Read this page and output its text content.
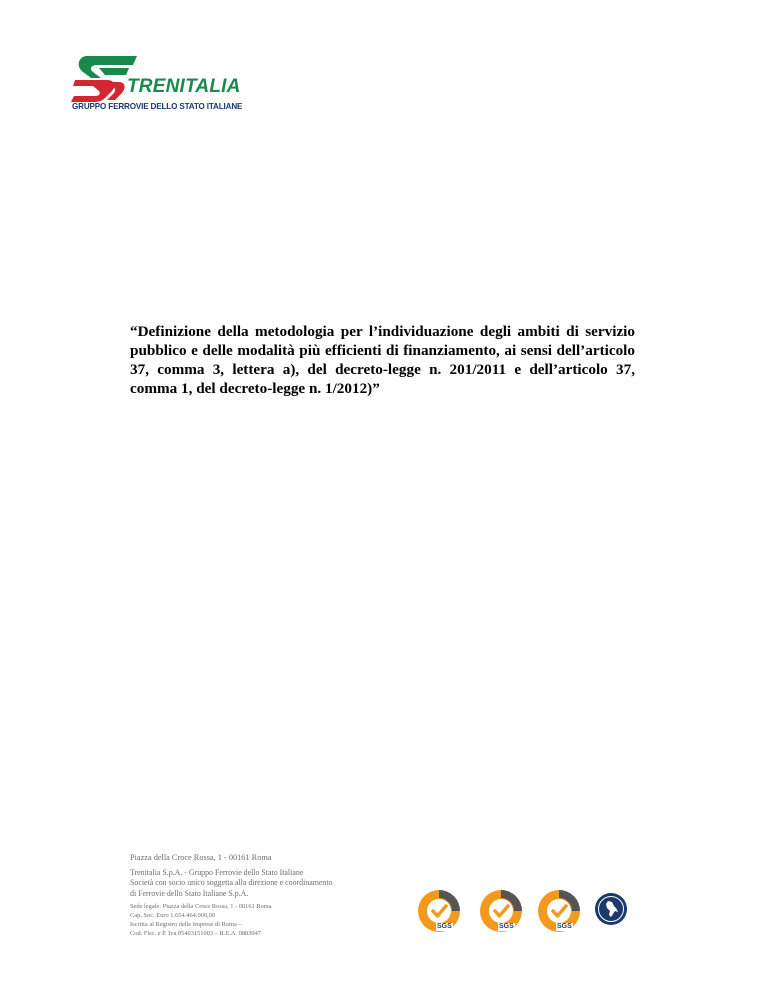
TRENITALIA
GRUPPO FERROVIE DELLO STATO ITALIANE
“Definizione della metodologia per l’individuazione degli ambiti di servizio pubblico e delle modalità più efficienti di finanziamento, ai sensi dell’articolo 37, comma 3, lettera a), del decreto-legge n. 201/2011 e dell’articolo 37, comma 1, del decreto-legge n. 1/2012)”
Piazza della Croce Rossa, 1 - 00161 Roma
Trenitalia S.p.A. - Gruppo Ferrovie dello Stato Italiane
Società con socio unico soggetta alla direzione e coordinamento
di Ferrovie dello Stato Italiane S.p.A.
Sede legale: Piazza della Croce Rossa, 1 - 00161 Roma
Cap. Soc. Euro 1.654.464.000,00
Iscritta al Registro delle Imprese di Roma –
Cod. Fisc. e P. Iva 05403151003 – R.E.A. 0883047
SGS	SGS	SGS
